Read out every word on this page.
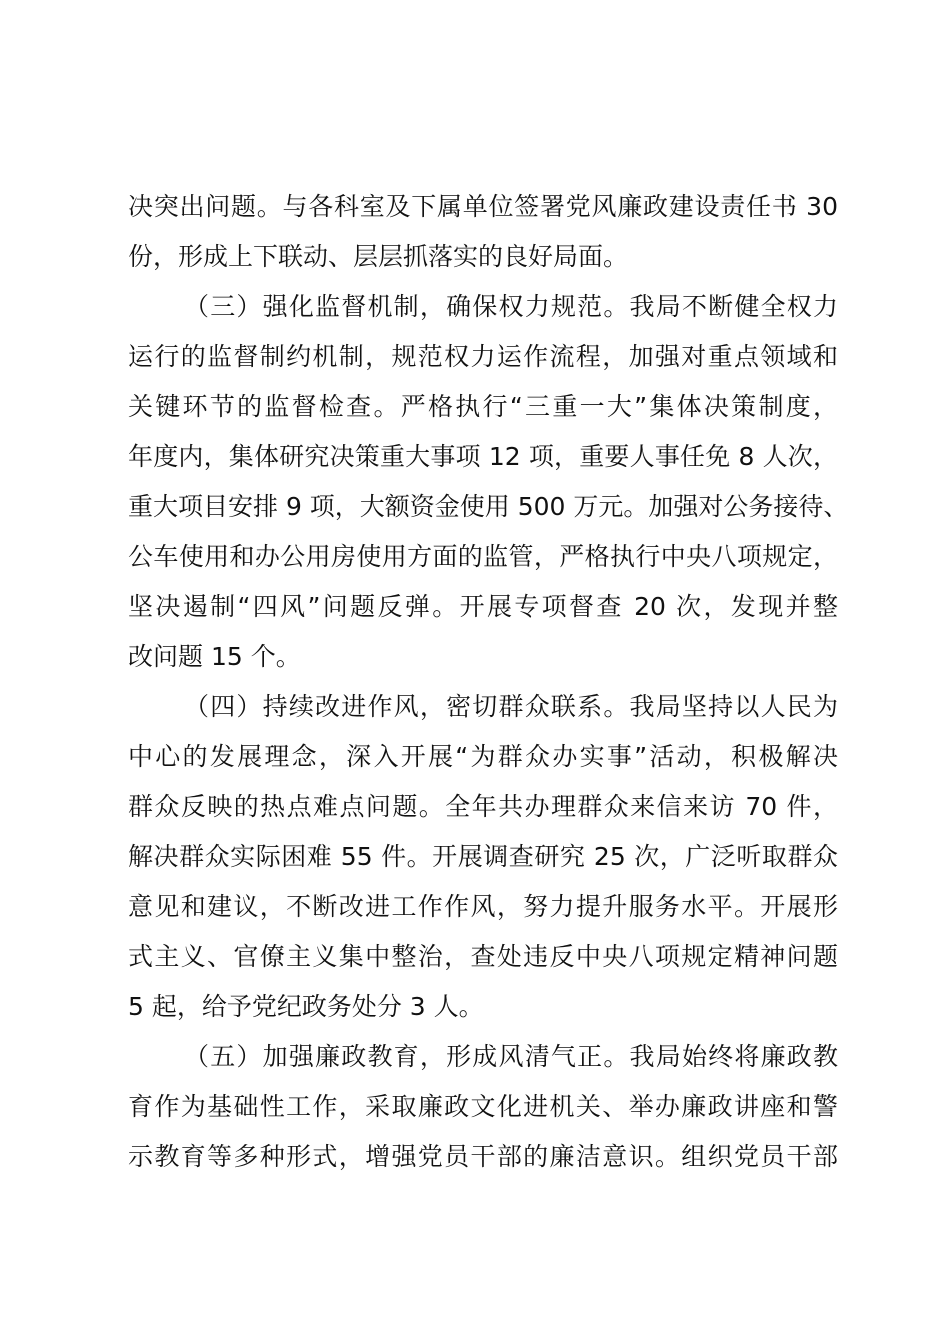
决突出问题。与各科室及下属单位签署党风廉政建设责任书 30
份，形成上下联动、层层抓落实的良好局面。
（三）强化监督机制，确保权力规范。我局不断健全权力
运行的监督制约机制，规范权力运作流程，加强对重点领域和
关键环节的监督检查。严格执行“三重一大”集体决策制度，
年度内，集体研究决策重大事项 12 项，重要人事任免 8 人次，
重大项目安排 9 项，大额资金使用 500 万元。加强对公务接待、
公车使用和办公用房使用方面的监管，严格执行中央八项规定，
坚决遏制“四风”问题反弹。开展专项督查 20 次，发现并整
改问题 15 个。
（四）持续改进作风，密切群众联系。我局坚持以人民为
中心的发展理念，深入开展“为群众办实事”活动，积极解决
群众反映的热点难点问题。全年共办理群众来信来访 70 件，
解决群众实际困难 55 件。开展调查研究 25 次，广泛听取群众
意见和建议，不断改进工作作风，努力提升服务水平。开展形
式主义、官僚主义集中整治，查处违反中央八项规定精神问题
5 起，给予党纪政务处分 3 人。
（五）加强廉政教育，形成风清气正。我局始终将廉政教
育作为基础性工作，采取廉政文化进机关、举办廉政讲座和警
示教育等多种形式，增强党员干部的廉洁意识。组织党员干部
